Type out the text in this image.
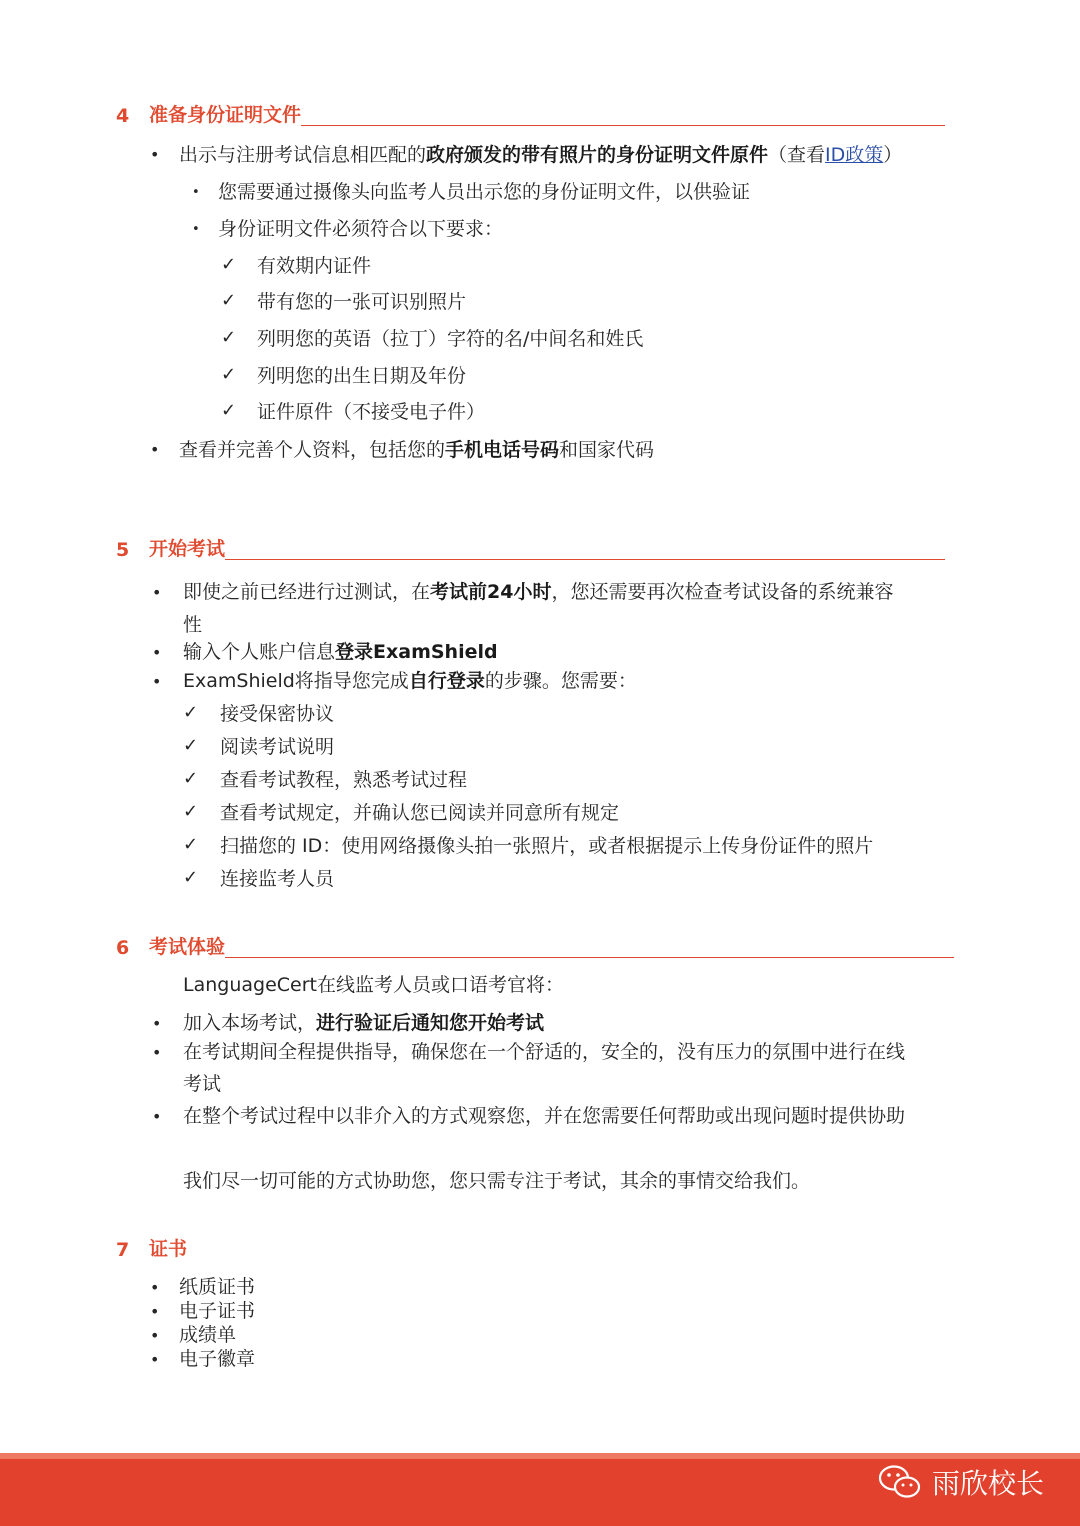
4	准备身份证明文件
• 出示与注册考试信息相匹配的政府颁发的带有照片的身份证明文件原件（查看ID政策）
• 您需要通过摄像头向监考人员出示您的身份证明文件，以供验证
• 身份证明文件必须符合以下要求：
✓ 有效期内证件
✓ 带有您的一张可识别照片
✓ 列明您的英语（拉丁）字符的名/中间名和姓氏
✓ 列明您的出生日期及年份
✓ 证件原件（不接受电子件）
• 查看并完善个人资料，包括您的手机电话号码和国家代码
5	开始考试
• 即使之前已经进行过测试，在考试前24小时，您还需要再次检查考试设备的系统兼容
性
• 输入个人账户信息登录ExamShield
• ExamShield将指导您完成自行登录的步骤。您需要：
✓ 接受保密协议
✓ 阅读考试说明
✓ 查看考试教程，熟悉考试过程
✓ 查看考试规定，并确认您已阅读并同意所有规定
✓ 扫描您的 ID：使用网络摄像头拍一张照片，或者根据提示上传身份证件的照片
✓ 连接监考人员
6	考试体验
LanguageCert在线监考人员或口语考官将：
• 加入本场考试，进行验证后通知您开始考试
• 在考试期间全程提供指导，确保您在一个舒适的，安全的，没有压力的氛围中进行在线
考试
• 在整个考试过程中以非介入的方式观察您，并在您需要任何帮助或出现问题时提供协助
我们尽一切可能的方式协助您，您只需专注于考试，其余的事情交给我们。
7	证书
• 纸质证书
• 电子证书
• 成绩单
• 电子徽章
雨欣校长
